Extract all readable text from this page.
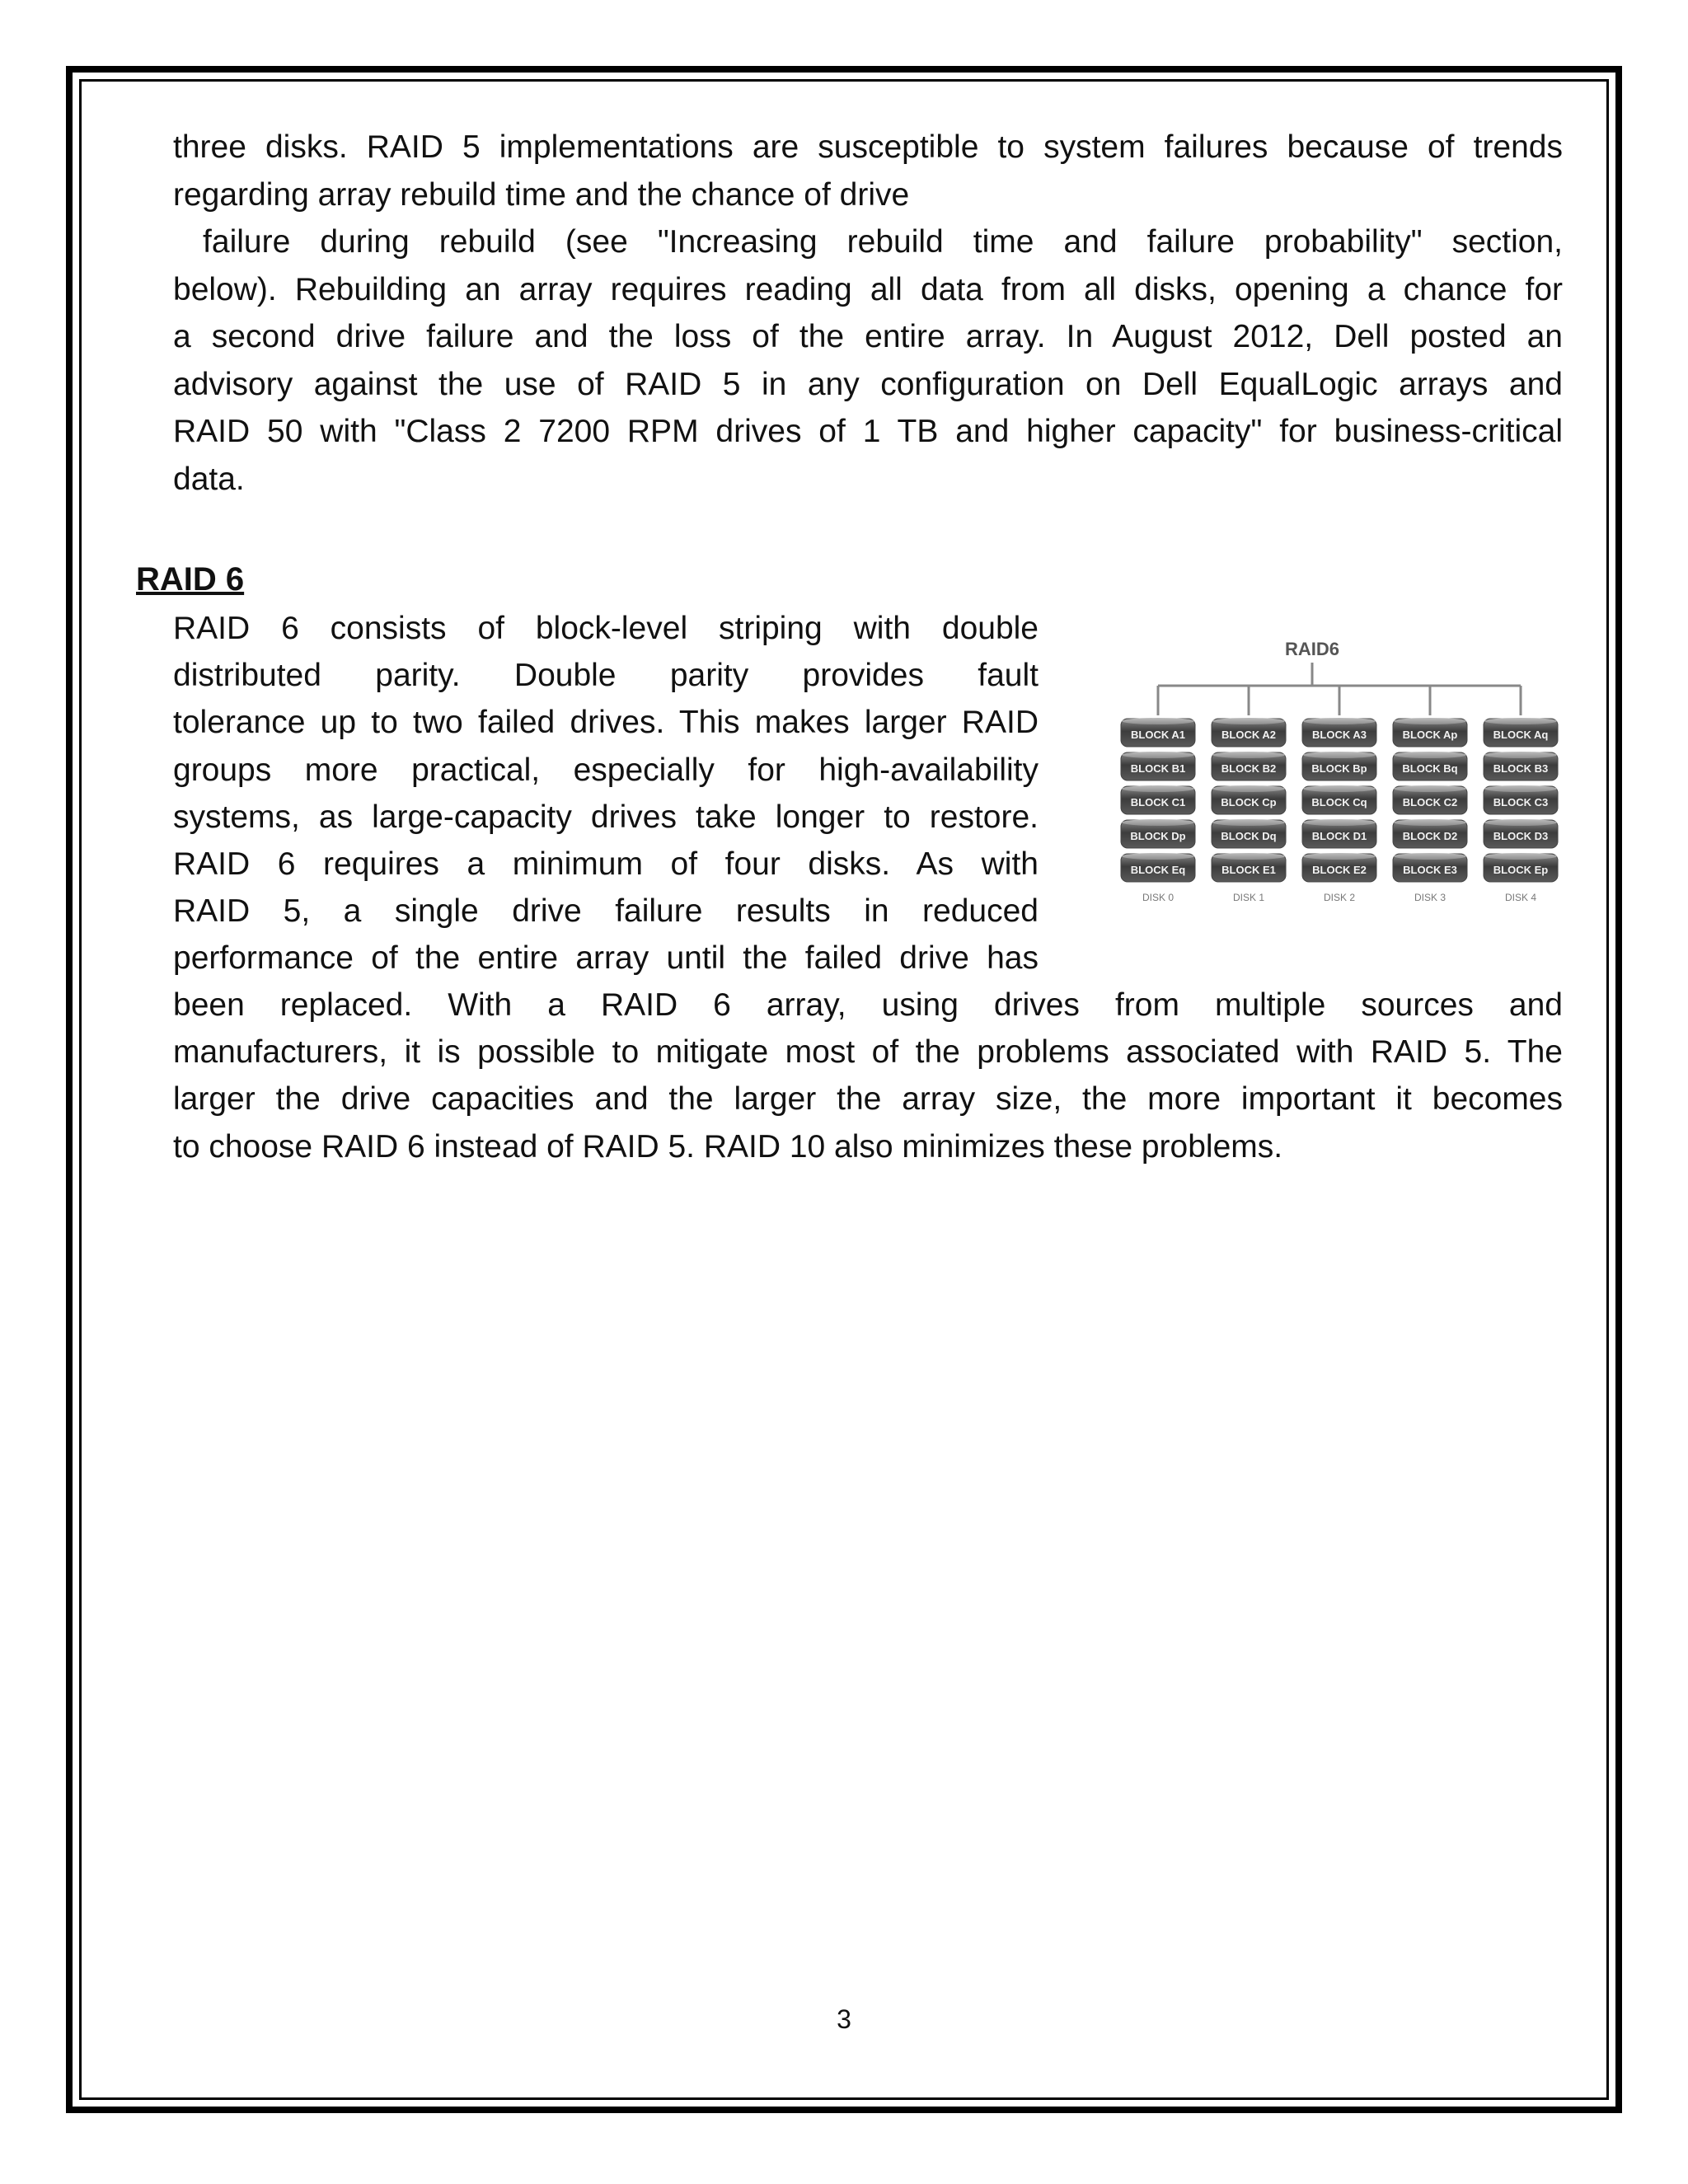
three disks. RAID 5 implementations are susceptible to system failures because of trends
regarding array rebuild time and the chance of drive
failure during rebuild (see "Increasing rebuild time and failure probability" section,
below). Rebuilding an array requires reading all data from all disks, opening a chance for
a second drive failure and the loss of the entire array. In August 2012, Dell posted an
advisory against the use of RAID 5 in any configuration on Dell EqualLogic arrays and
RAID 50 with "Class 2 7200 RPM drives of 1 TB and higher capacity" for business-critical
data.
RAID 6
RAID 6 consists of block-level striping with double
distributed parity. Double parity provides fault
tolerance up to two failed drives. This makes larger RAID
groups more practical, especially for high-availability
systems, as large-capacity drives take longer to restore.
RAID 6 requires a minimum of four disks. As with
RAID 5, a single drive failure results in reduced
performance of the entire array until the failed drive has
been replaced. With a RAID 6 array, using drives from multiple sources and
manufacturers, it is possible to mitigate most of the problems associated with RAID 5. The
larger the drive capacities and the larger the array size, the more important it becomes
to choose RAID 6 instead of RAID 5. RAID 10 also minimizes these problems.
RAID6
BLOCK A1
BLOCK B1
BLOCK C1
BLOCK Dp
BLOCK Eq
DISK 0
BLOCK A2
BLOCK B2
BLOCK Cp
BLOCK Dq
BLOCK E1
DISK 1
BLOCK A3
BLOCK Bp
BLOCK Cq
BLOCK D1
BLOCK E2
DISK 2
BLOCK Ap
BLOCK Bq
BLOCK C2
BLOCK D2
BLOCK E3
DISK 3
BLOCK Aq
BLOCK B3
BLOCK C3
BLOCK D3
BLOCK Ep
DISK 4
3
